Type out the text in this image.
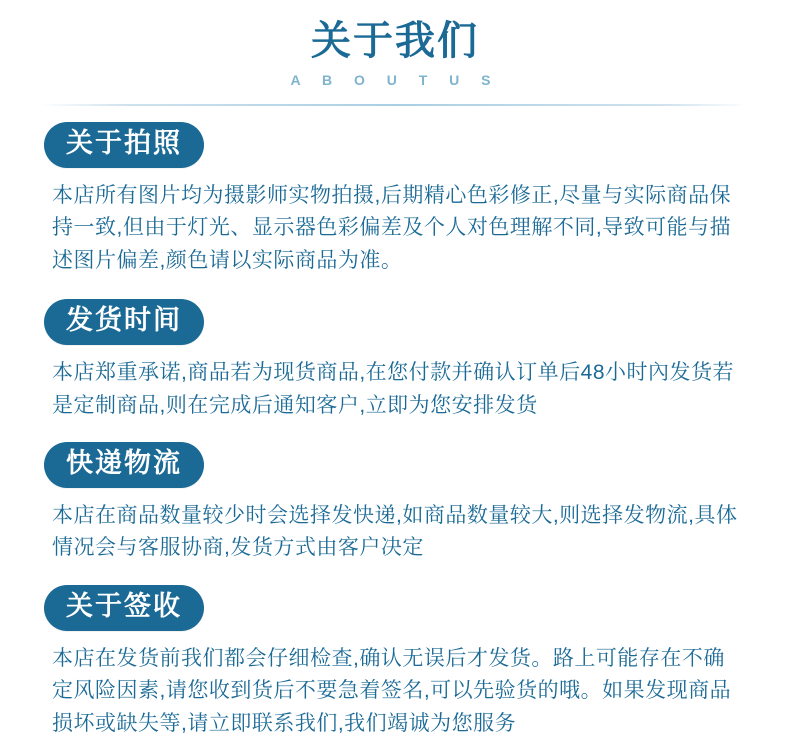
关于我们
A B O U T U S
关于拍照
本店所有图片均为摄影师实物拍摄,后期精心色彩修正,尽量与实际商品保持一致,但由于灯光、显示器色彩偏差及个人对色理解不同,导致可能与描述图片偏差,颜色请以实际商品为准。
发货时间
本店郑重承诺,商品若为现货商品,在您付款并确认订单后48小时內发货若是定制商品,则在完成后通知客户,立即为您安排发货
快递物流
本店在商品数量较少时会选择发快递,如商品数量较大,则选择发物流,具体情况会与客服协商,发货方式由客户决定
关于签收
本店在发货前我们都会仔细检查,确认无误后才发货。路上可能存在不确定风险因素,请您收到货后不要急着签名,可以先验货的哦。如果发现商品损坏或缺失等,请立即联系我们,我们竭诚为您服务
